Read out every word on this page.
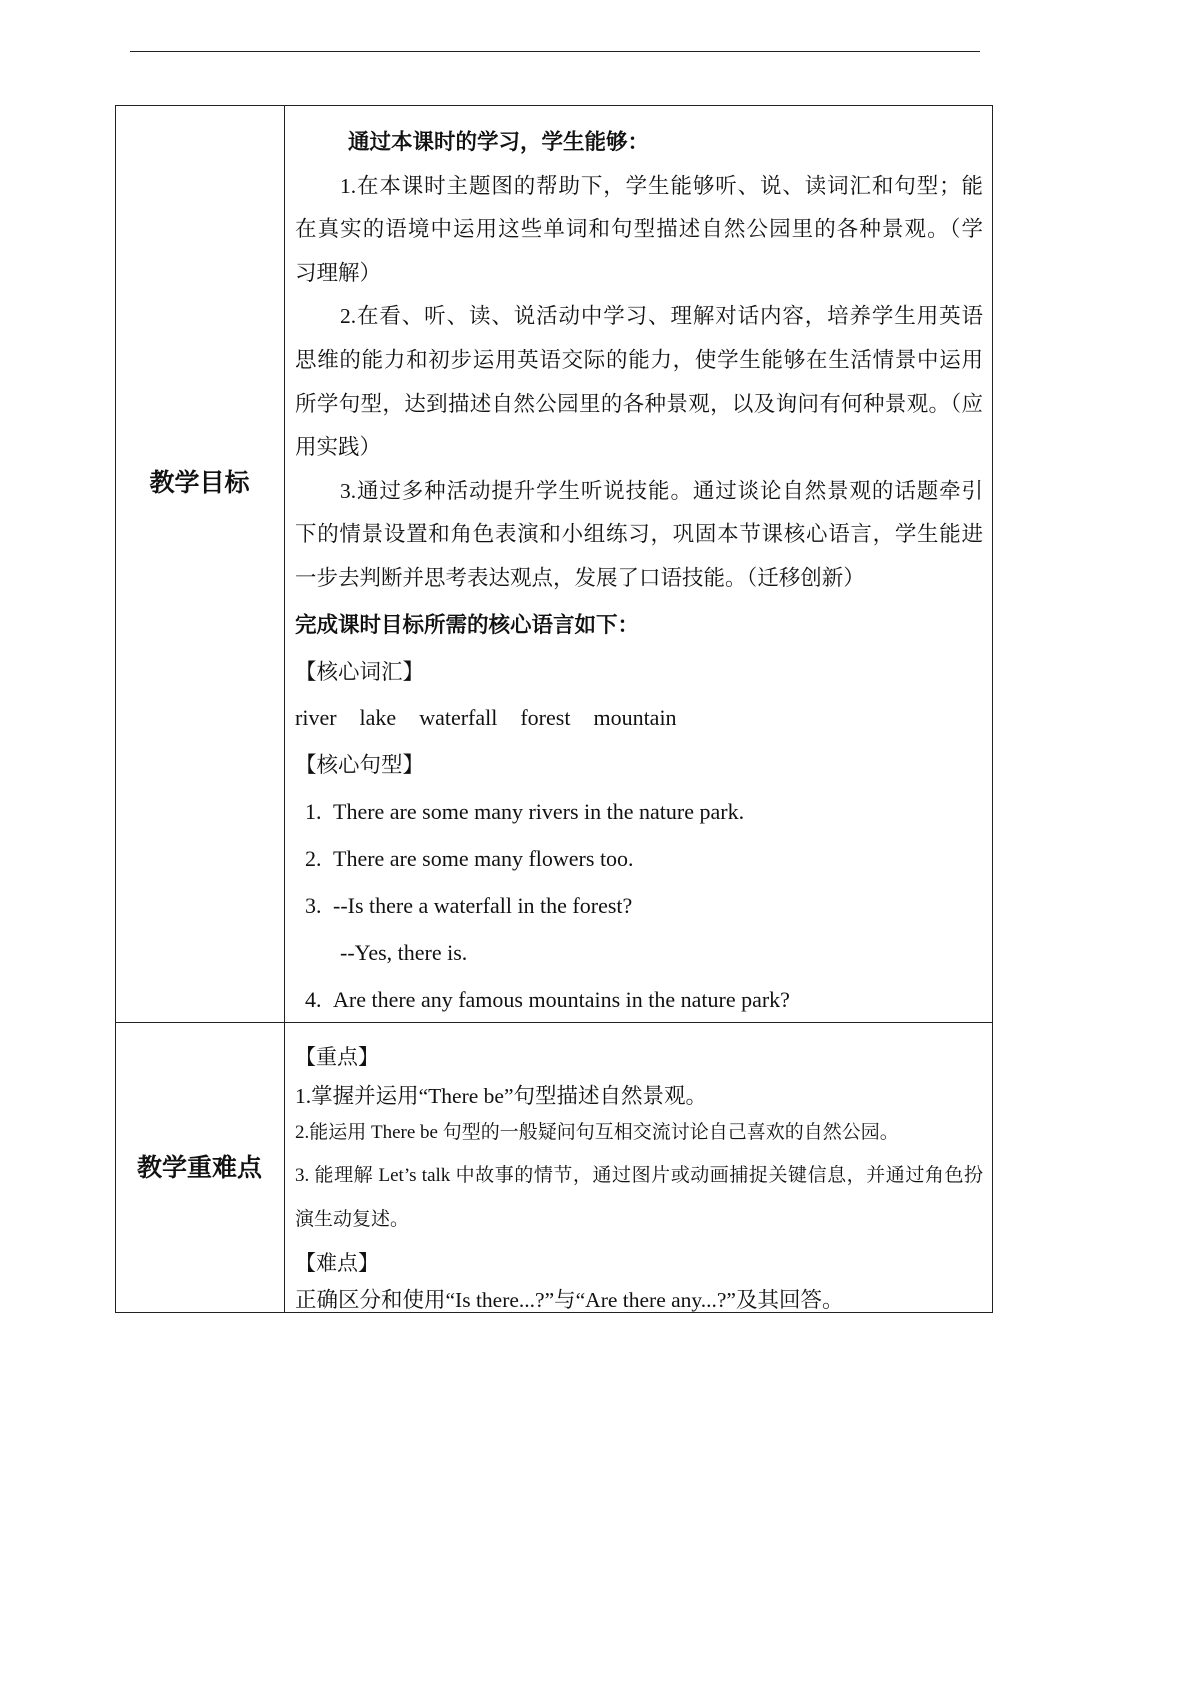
教学目标
通过本课时的学习，学生能够：
1.在本课时主题图的帮助下，学生能够听、说、读词汇和句型；能
在真实的语境中运用这些单词和句型描述自然公园里的各种景观。（学
习理解）
2.在看、听、读、说活动中学习、理解对话内容，培养学生用英语
思维的能力和初步运用英语交际的能力，使学生能够在生活情景中运用
所学句型，达到描述自然公园里的各种景观，以及询问有何种景观。（应
用实践）
3.通过多种活动提升学生听说技能。通过谈论自然景观的话题牵引
下的情景设置和角色表演和小组练习，巩固本节课核心语言，学生能进
一步去判断并思考表达观点，发展了口语技能。（迁移创新）
完成课时目标所需的核心语言如下：
【核心词汇】
river lake waterfall forest mountain
【核心句型】
1. There are some many rivers in the nature park.
2. There are some many flowers too.
3. --Is there a waterfall in the forest?
--Yes, there is.
4. Are there any famous mountains in the nature park?
教学重难点
【重点】
1.掌握并运用“There be”句型描述自然景观。
2.能运用 There be 句型的一般疑问句互相交流讨论自己喜欢的自然公园。
3. 能理解 Let’s talk 中故事的情节，通过图片或动画捕捉关键信息，并通过角色扮
演生动复述。
【难点】
正确区分和使用“Is there...?”与“Are there any...?”及其回答。
